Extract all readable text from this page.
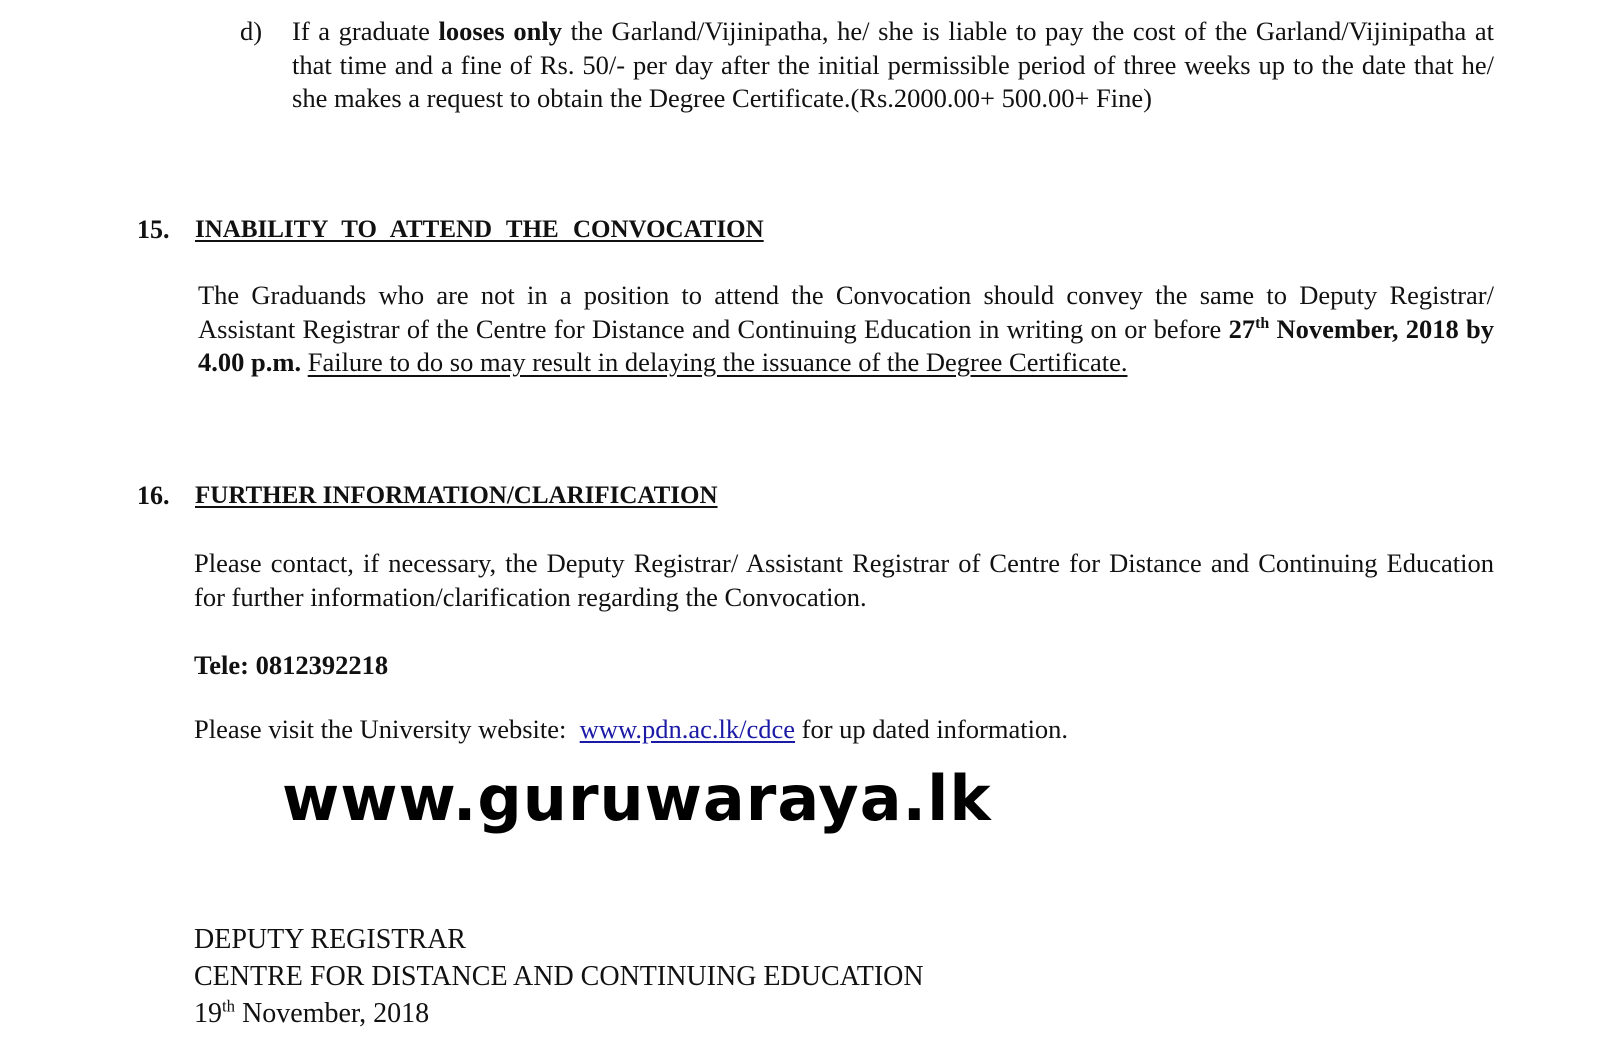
d) If a graduate looses only the Garland/Vijinipatha, he/ she is liable to pay the cost of the Garland/Vijinipatha at that time and a fine of Rs. 50/- per day after the initial permissible period of three weeks up to the date that he/ she makes a request to obtain the Degree Certificate.(Rs.2000.00+ 500.00+ Fine)
15. INABILITY TO ATTEND THE CONVOCATION
The Graduands who are not in a position to attend the Convocation should convey the same to Deputy Registrar/ Assistant Registrar of the Centre for Distance and Continuing Education in writing on or before 27th November, 2018 by 4.00 p.m. Failure to do so may result in delaying the issuance of the Degree Certificate.
16. FURTHER INFORMATION/CLARIFICATION
Please contact, if necessary, the Deputy Registrar/ Assistant Registrar of Centre for Distance and Continuing Education for further information/clarification regarding the Convocation.
Tele: 0812392218
Please visit the University website: www.pdn.ac.lk/cdce for up dated information.
www.guruwaraya.lk
DEPUTY REGISTRAR
CENTRE FOR DISTANCE AND CONTINUING EDUCATION
19th November, 2018
